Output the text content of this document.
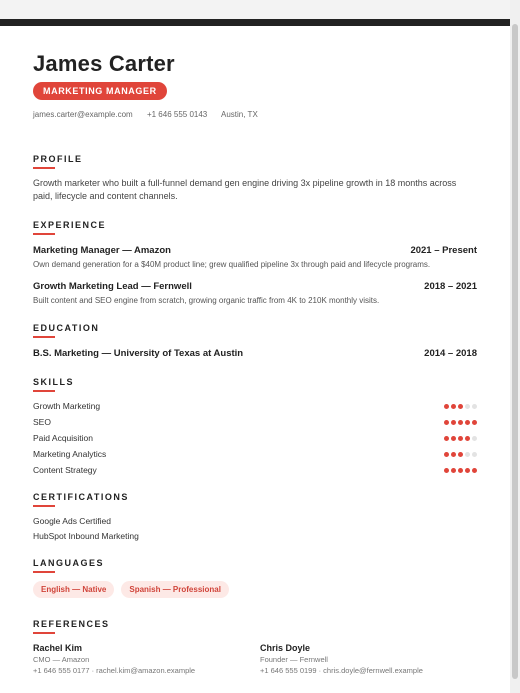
James Carter
MARKETING MANAGER
james.carter@example.com +1 646 555 0143 Austin, TX
PROFILE
Growth marketer who built a full-funnel demand gen engine driving 3x pipeline growth in 18 months across paid, lifecycle and content channels.
EXPERIENCE
Marketing Manager — Amazon	2021 – Present
Own demand generation for a $40M product line; grew qualified pipeline 3x through paid and lifecycle programs.
Growth Marketing Lead — Fernwell	2018 – 2021
Built content and SEO engine from scratch, growing organic traffic from 4K to 210K monthly visits.
EDUCATION
B.S. Marketing — University of Texas at Austin	2014 – 2018
SKILLS
Growth Marketing
SEO
Paid Acquisition
Marketing Analytics
Content Strategy
CERTIFICATIONS
Google Ads Certified
HubSpot Inbound Marketing
LANGUAGES
English — Native	Spanish — Professional
REFERENCES
Rachel Kim
CMO — Amazon
+1 646 555 0177 · rachel.kim@amazon.example
Chris Doyle
Founder — Fernwell
+1 646 555 0199 · chris.doyle@fernwell.example
